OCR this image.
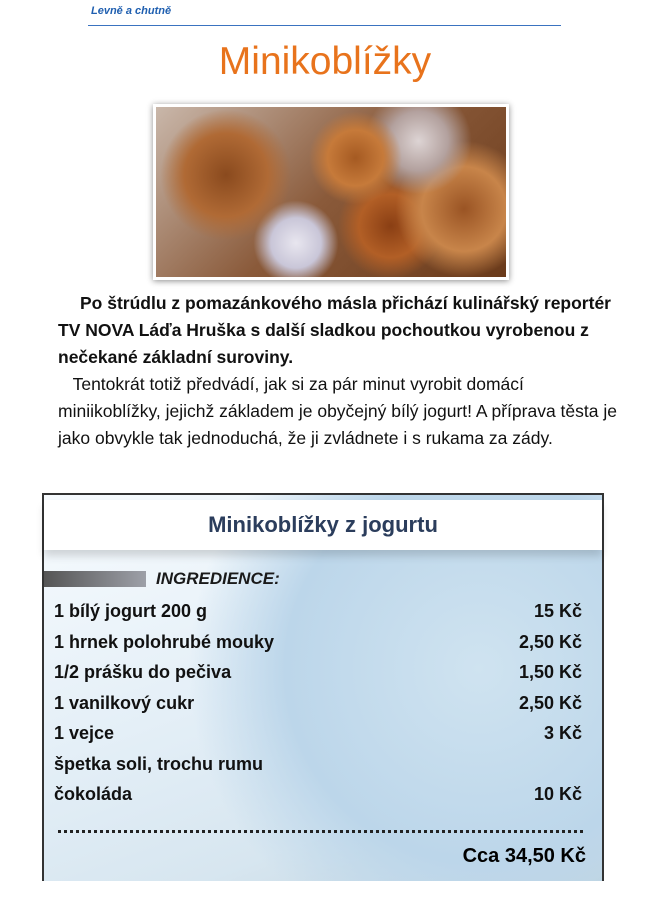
Levně a chutně
Minikoblížky
Po štrúdlu z pomazánkového másla přichází kulinářský reportér TV NOVA Láďa Hruška s další sladkou pochoutkou vyrobenou z nečekané základní suroviny.
Tentokrát totiž předvádí, jak si za pár minut vyrobit domácí miniikoblížky, jejichž základem je obyčejný bílý jogurt! A příprava těsta je jako obvykle tak jednoduchá, že ji zvládnete i s rukama za zády.
Minikoblížky z jogurtu
INGREDIENCE:
1 bílý jogurt 200 g	15 Kč
1 hrnek polohrubé mouky	2,50 Kč
1/2 prášku do pečiva	1,50 Kč
1 vanilkový cukr	2,50 Kč
1 vejce	3 Kč
špetka soli, trochu rumu
čokoláda	10 Kč
Cca 34,50 Kč
